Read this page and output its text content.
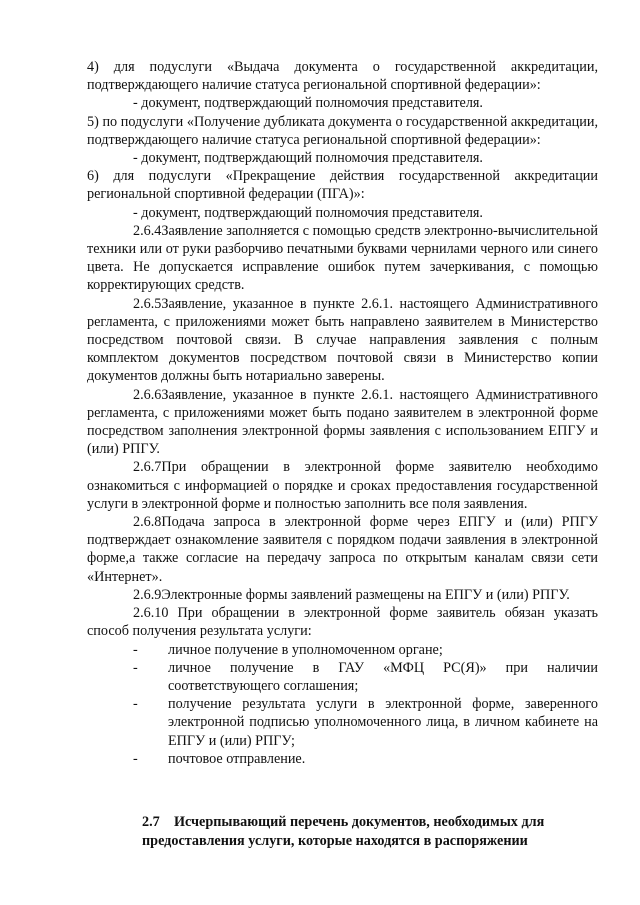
4) для подуслуги «Выдача документа о государственной аккредитации, подтверждающего наличие статуса региональной спортивной федерации»:

- документ, подтверждающий полномочия представителя.

5) по подуслуги «Получение дубликата документа о государственной аккредитации, подтверждающего наличие статуса региональной спортивной федерации»:

- документ, подтверждающий полномочия представителя.

6) для подуслуги «Прекращение действия государственной аккредитации региональной спортивной федерации (ПГА)»:

- документ, подтверждающий полномочия представителя.

2.6.4Заявление заполняется с помощью средств электронно-вычислительной техники или от руки разборчиво печатными буквами чернилами черного или синего цвета. Не допускается исправление ошибок путем зачеркивания, с помощью корректирующих средств.

2.6.5Заявление, указанное в пункте 2.6.1. настоящего Административного регламента, с приложениями может быть направлено заявителем в Министерство посредством почтовой связи. В случае направления заявления с полным комплектом документов посредством почтовой связи в Министерство копии документов должны быть нотариально заверены.

2.6.6Заявление, указанное в пункте 2.6.1. настоящего Административного регламента, с приложениями может быть подано заявителем в электронной форме посредством заполнения электронной формы заявления с использованием ЕПГУ и (или) РПГУ.

2.6.7При обращении в электронной форме заявителю необходимо ознакомиться с информацией о порядке и сроках предоставления государственной услуги в электронной форме и полностью заполнить все поля заявления.

2.6.8Подача запроса в электронной форме через ЕПГУ и (или) РПГУ подтверждает ознакомление заявителя с порядком подачи заявления в электронной форме,а также согласие на передачу запроса по открытым каналам связи сети «Интернет».

2.6.9Электронные формы заявлений размещены на ЕПГУ и (или) РПГУ.

2.6.10 При обращении в электронной форме заявитель обязан указать способ получения результата услуги:

- личное получение в уполномоченном органе;
- личное получение в ГАУ «МФЦ РС(Я)» при наличии соответствующего соглашения;
- получение результата услуги в электронной форме, заверенного электронной подписью уполномоченного лица, в личном кабинете на ЕПГУ и (или) РПГУ;
- почтовое отправление.
2.7 Исчерпывающий перечень документов, необходимых для предоставления услуги, которые находятся в распоряжении
